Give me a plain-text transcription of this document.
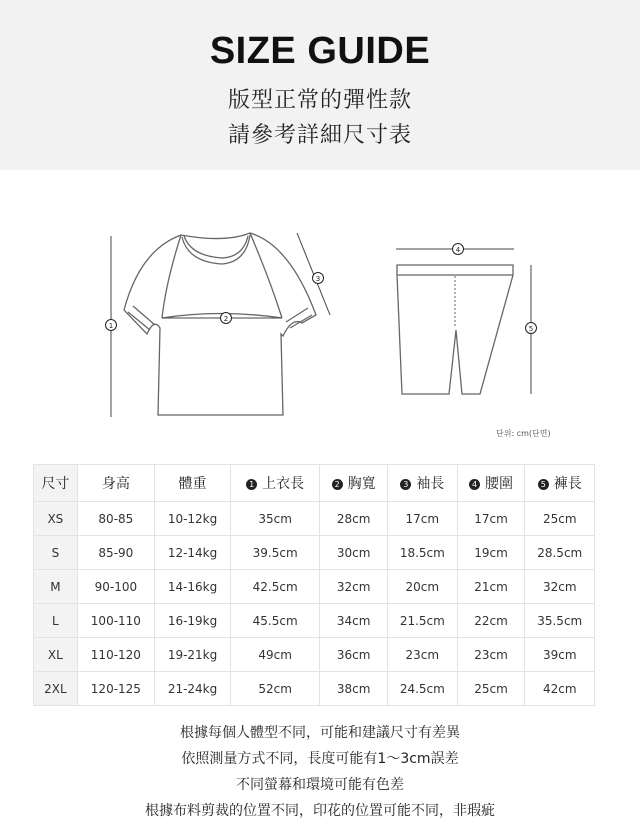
SIZE GUIDE
版型正常的彈性款
請參考詳細尺寸表
1
2
3
4
5
단위: cm(단면)
尺寸	身高	體重	1 上衣長	2 胸寬	3 袖長	4 腰圍	5 褲長
XS	80-85	10-12kg	35cm	28cm	17cm	17cm	25cm
S	85-90	12-14kg	39.5cm	30cm	18.5cm	19cm	28.5cm
M	90-100	14-16kg	42.5cm	32cm	20cm	21cm	32cm
L	100-110	16-19kg	45.5cm	34cm	21.5cm	22cm	35.5cm
XL	110-120	19-21kg	49cm	36cm	23cm	23cm	39cm
2XL	120-125	21-24kg	52cm	38cm	24.5cm	25cm	42cm
根據每個人體型不同，可能和建議尺寸有差異
依照測量方式不同，長度可能有1〜3cm誤差
不同螢幕和環境可能有色差
根據布料剪裁的位置不同，印花的位置可能不同，非瑕疵
